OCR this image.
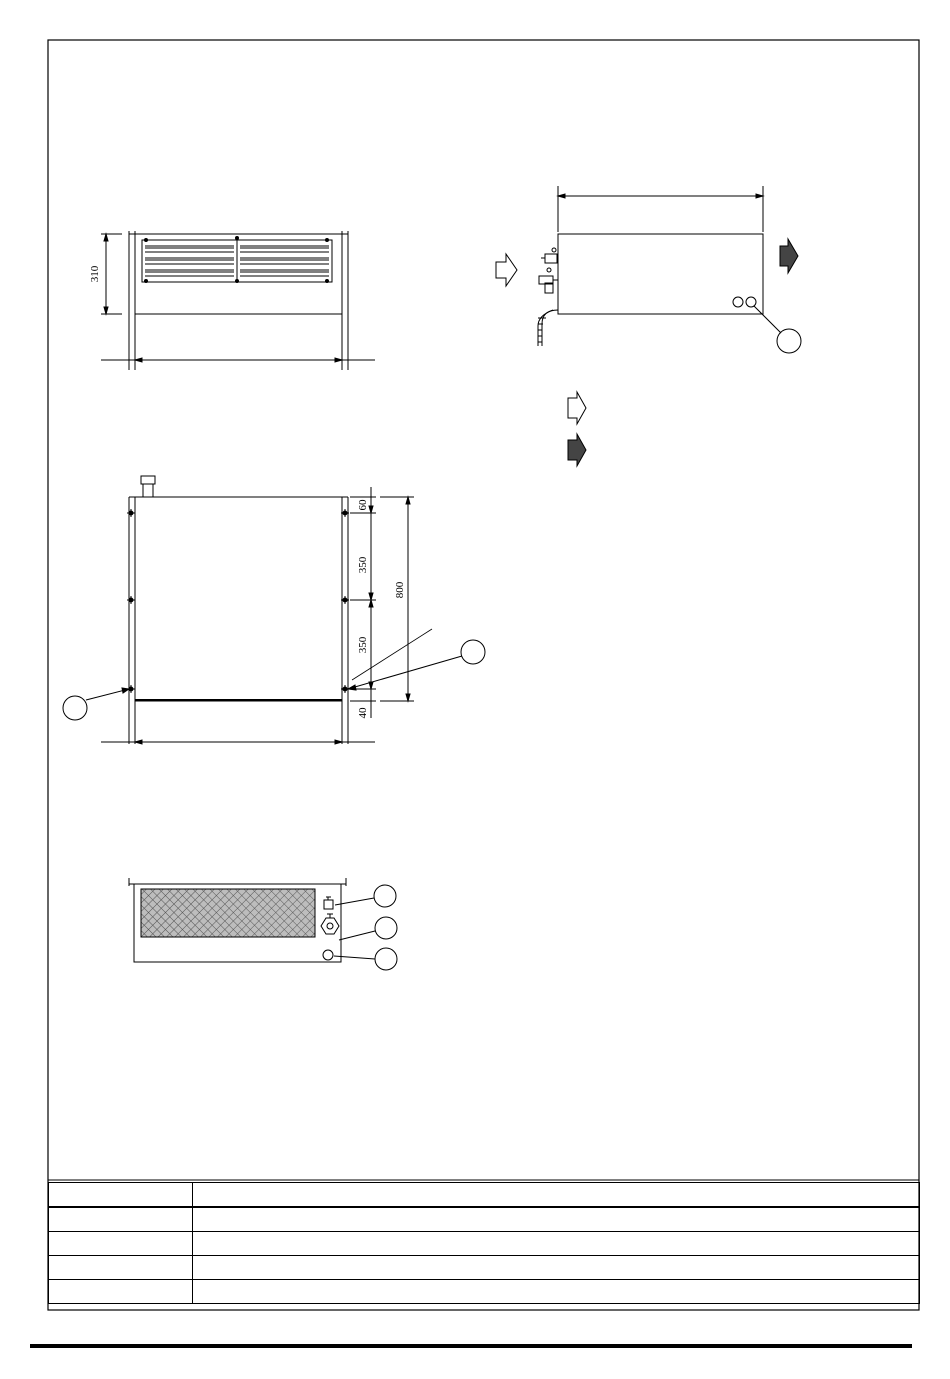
310
60
350
350
40
800
